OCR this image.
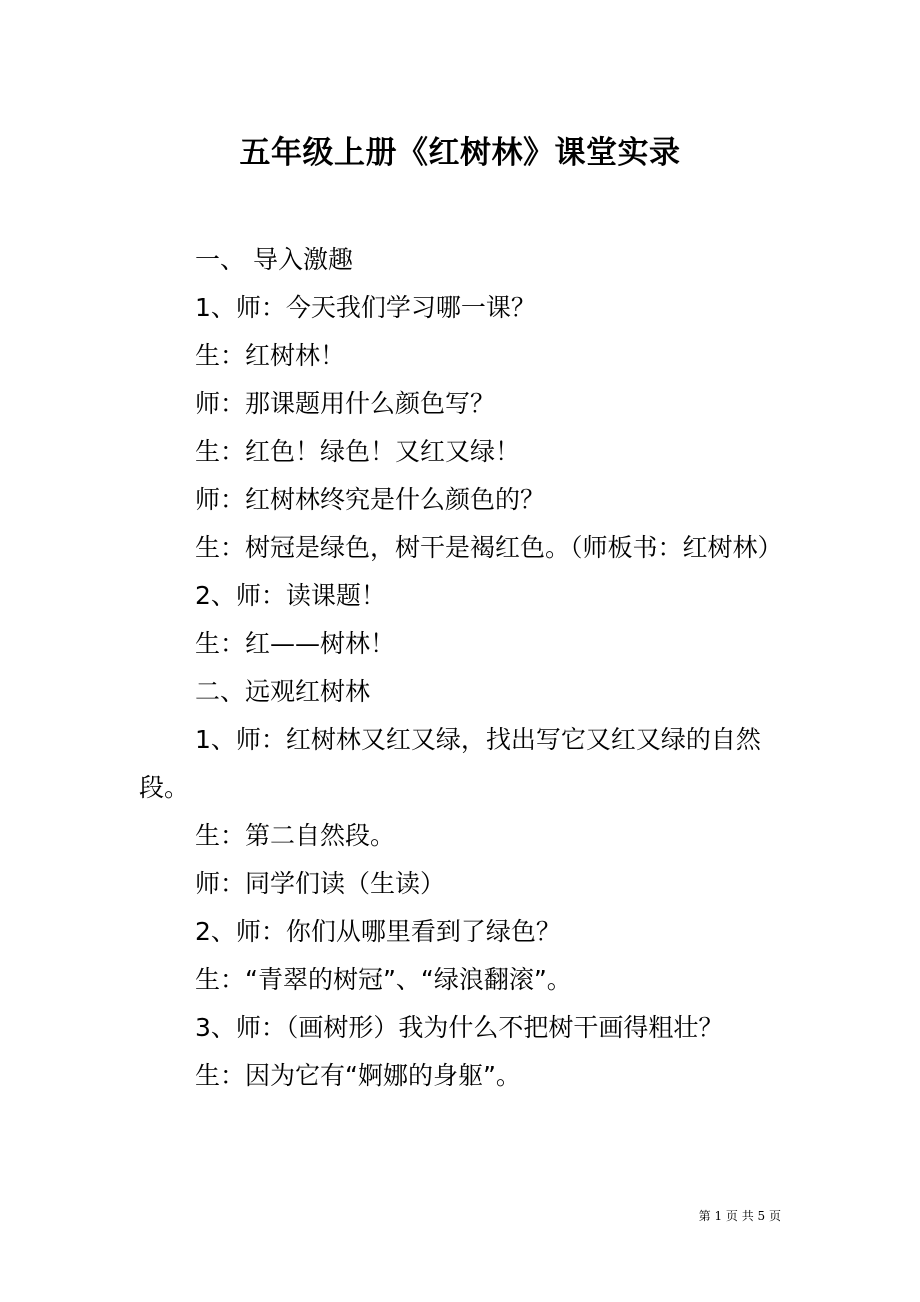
五年级上册《红树林》课堂实录

一、 导入激趣

1、师：今天我们学习哪一课？

生：红树林！

师：那课题用什么颜色写？

生：红色！绿色！又红又绿！

师：红树林终究是什么颜色的？

生：树冠是绿色，树干是褐红色。（师板书：红树林）

2、师：读课题！

生：红——树林！

二、远观红树林

1、师：红树林又红又绿，找出写它又红又绿的自然段。

生：第二自然段。

师：同学们读（生读）

2、师：你们从哪里看到了绿色？

生：“青翠的树冠”、“绿浪翻滚”。

3、师：（画树形）我为什么不把树干画得粗壮？

生：因为它有“婀娜的身躯”。

第 1 页 共 5 页
